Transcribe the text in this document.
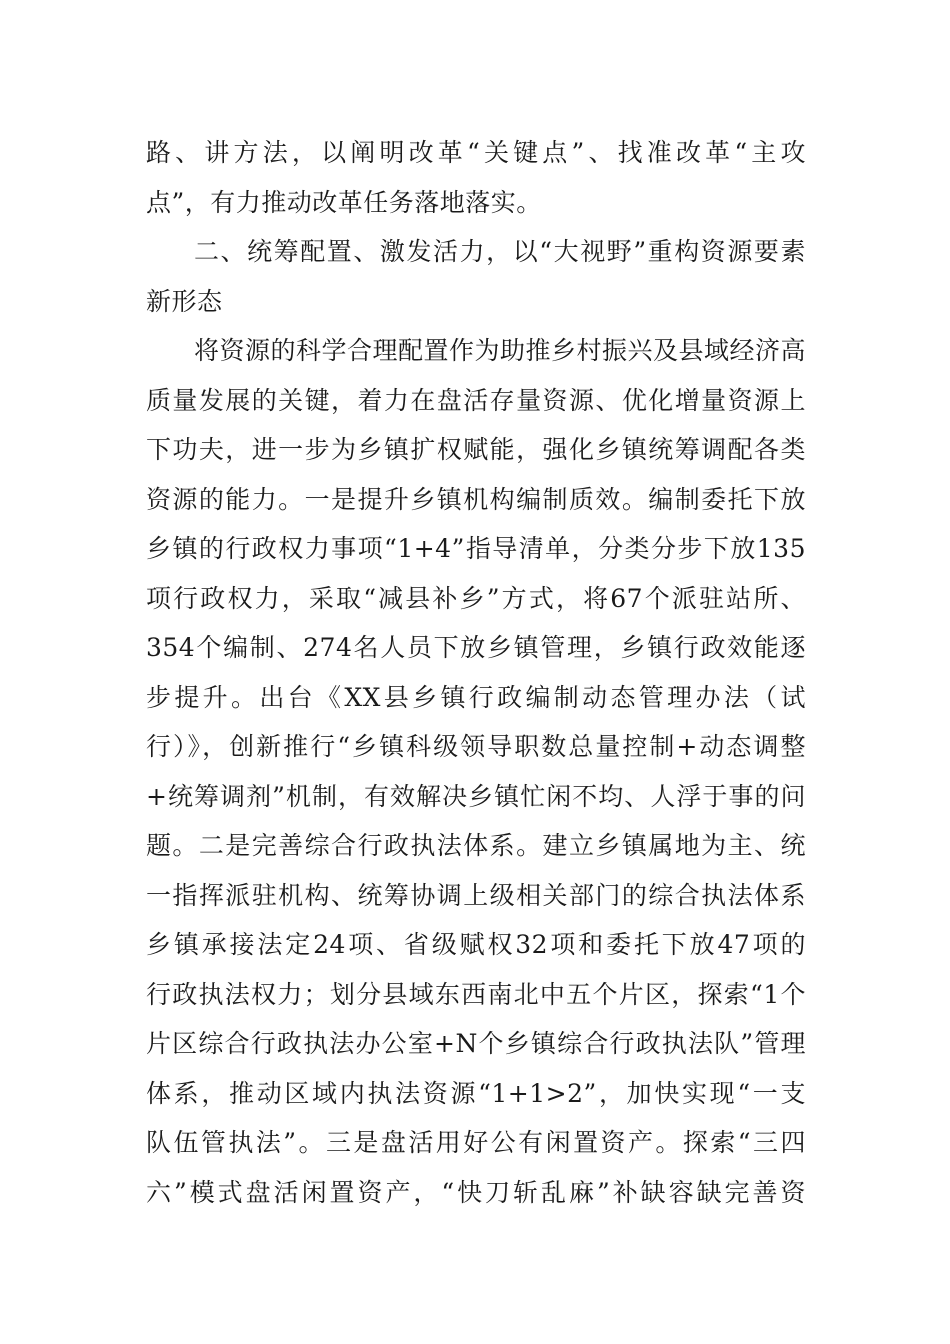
路、讲方法，以阐明改革“关键点”、找准改革“主攻
点”，有力推动改革任务落地落实。
二、统筹配置、激发活力，以“大视野”重构资源要素
新形态
将资源的科学合理配置作为助推乡村振兴及县域经济高
质量发展的关键，着力在盘活存量资源、优化增量资源上
下功夫，进一步为乡镇扩权赋能，强化乡镇统筹调配各类
资源的能力。一是提升乡镇机构编制质效。编制委托下放
乡镇的行政权力事项“1+4”指导清单，分类分步下放135
项行政权力，采取“减县补乡”方式，将67个派驻站所、
354个编制、274名人员下放乡镇管理，乡镇行政效能逐
步提升。出台《XX县乡镇行政编制动态管理办法（试
行）》，创新推行“乡镇科级领导职数总量控制+动态调整
+统筹调剂”机制，有效解决乡镇忙闲不均、人浮于事的问
题。二是完善综合行政执法体系。建立乡镇属地为主、统
一指挥派驻机构、统筹协调上级相关部门的综合执法体系
乡镇承接法定24项、省级赋权32项和委托下放47项的
行政执法权力；划分县域东西南北中五个片区，探索“1个
片区综合行政执法办公室+N个乡镇综合行政执法队”管理
体系，推动区域内执法资源“1+1>2”，加快实现“一支
队伍管执法”。三是盘活用好公有闲置资产。探索“三四
六”模式盘活闲置资产，“快刀斩乱麻”补缺容缺完善资
